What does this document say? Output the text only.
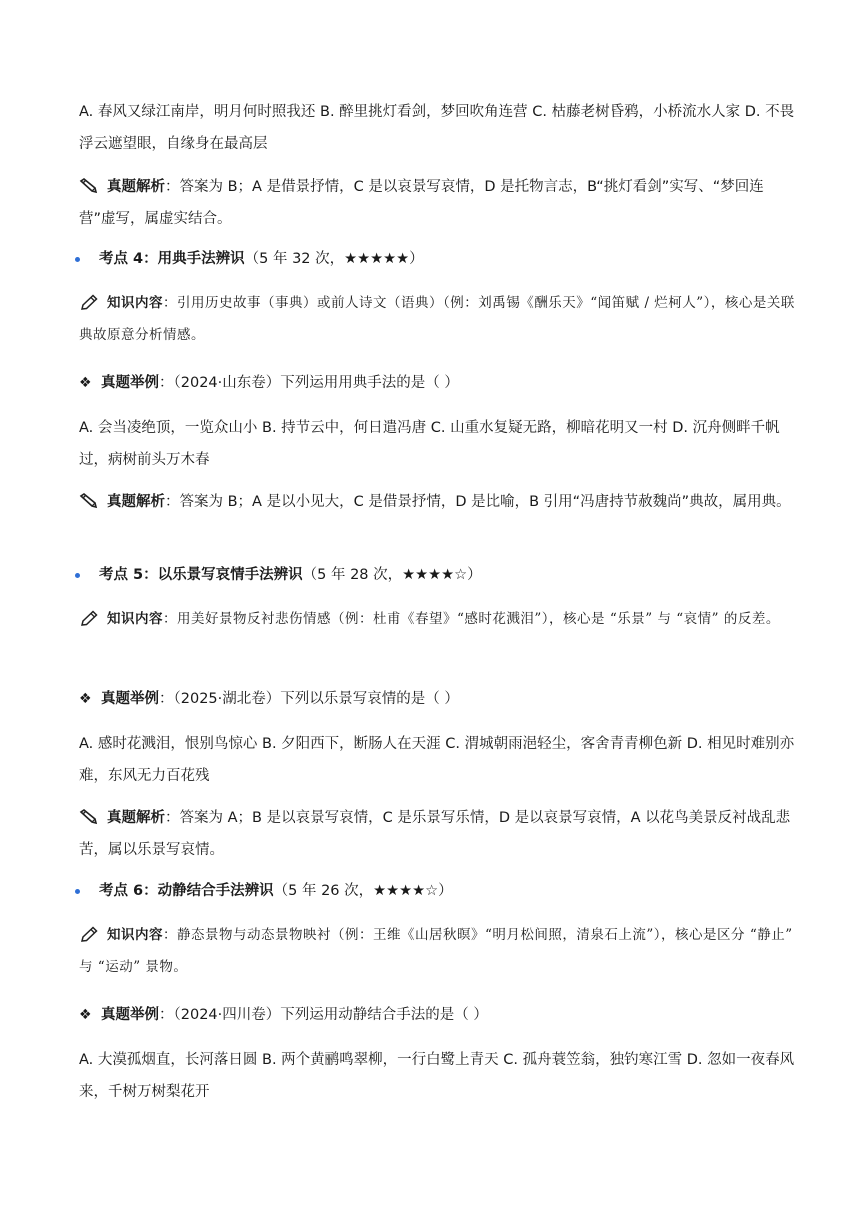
A. 春风又绿江南岸，明月何时照我还 B. 醉里挑灯看剑，梦回吹角连营 C. 枯藤老树昏鸦，小桥流水人家 D. 不畏浮云遮望眼，自缘身在最高层
真题解析：答案为 B；A 是借景抒情，C 是以哀景写哀情，D 是托物言志，B“挑灯看剑”实写、“梦回连营”虚写，属虚实结合。
考点 4：用典手法辨识（5 年 32 次，★★★★★）
知识内容：引用历史故事（事典）或前人诗文（语典）（例：刘禹锡《酬乐天》“闻笛赋 / 烂柯人”），核心是关联典故原意分析情感。
❖ 真题举例：（2024·山东卷）下列运用用典手法的是（ ）
A. 会当凌绝顶，一览众山小 B. 持节云中，何日遣冯唐 C. 山重水复疑无路，柳暗花明又一村 D. 沉舟侧畔千帆过，病树前头万木春
真题解析：答案为 B；A 是以小见大，C 是借景抒情，D 是比喻，B 引用“冯唐持节赦魏尚”典故，属用典。
考点 5：以乐景写哀情手法辨识（5 年 28 次，★★★★☆）
知识内容：用美好景物反衬悲伤情感（例：杜甫《春望》“感时花溅泪”），核心是 “乐景” 与 “哀情” 的反差。
❖ 真题举例：（2025·湖北卷）下列以乐景写哀情的是（ ）
A. 感时花溅泪，恨别鸟惊心 B. 夕阳西下，断肠人在天涯 C. 渭城朝雨浥轻尘，客舍青青柳色新 D. 相见时难别亦难，东风无力百花残
真题解析：答案为 A；B 是以哀景写哀情，C 是乐景写乐情，D 是以哀景写哀情，A 以花鸟美景反衬战乱悲苦，属以乐景写哀情。
考点 6：动静结合手法辨识（5 年 26 次，★★★★☆）
知识内容：静态景物与动态景物映衬（例：王维《山居秋暝》“明月松间照，清泉石上流”），核心是区分 “静止” 与 “运动” 景物。
❖ 真题举例：（2024·四川卷）下列运用动静结合手法的是（ ）
A. 大漠孤烟直，长河落日圆 B. 两个黄鹂鸣翠柳，一行白鹭上青天 C. 孤舟蓑笠翁，独钓寒江雪 D. 忽如一夜春风来，千树万树梨花开
